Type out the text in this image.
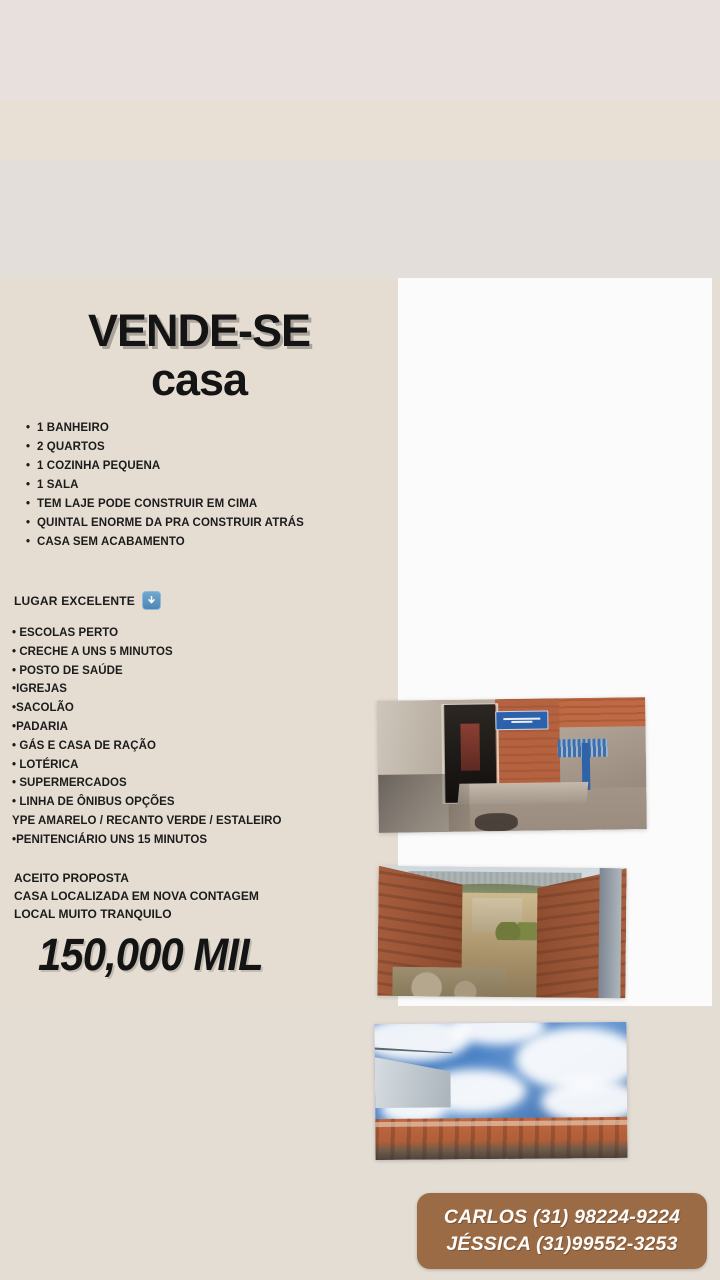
VENDE-SE
casa
• 1 BANHEIRO
• 2 QUARTOS
• 1 COZINHA PEQUENA
• 1 SALA
• TEM LAJE PODE CONSTRUIR EM CIMA
• QUINTAL ENORME DA PRA CONSTRUIR ATRÁS
• CASA SEM ACABAMENTO
LUGAR EXCELENTE
• ESCOLAS PERTO
• CRECHE A UNS 5 MINUTOS
• POSTO DE SAÚDE
•IGREJAS
•SACOLÃO
•PADARIA
• GÁS E CASA DE RAÇÃO
• LOTÉRICA
• SUPERMERCADOS
• LINHA DE ÔNIBUS OPÇÕES
YPE AMARELO / RECANTO VERDE / ESTALEIRO
•PENITENCIÁRIO UNS 15 MINUTOS
ACEITO PROPOSTA
CASA LOCALIZADA EM NOVA CONTAGEM
LOCAL MUITO TRANQUILO
150,000 MIL
CARLOS (31) 98224-9224
JÉSSICA (31)99552-3253
